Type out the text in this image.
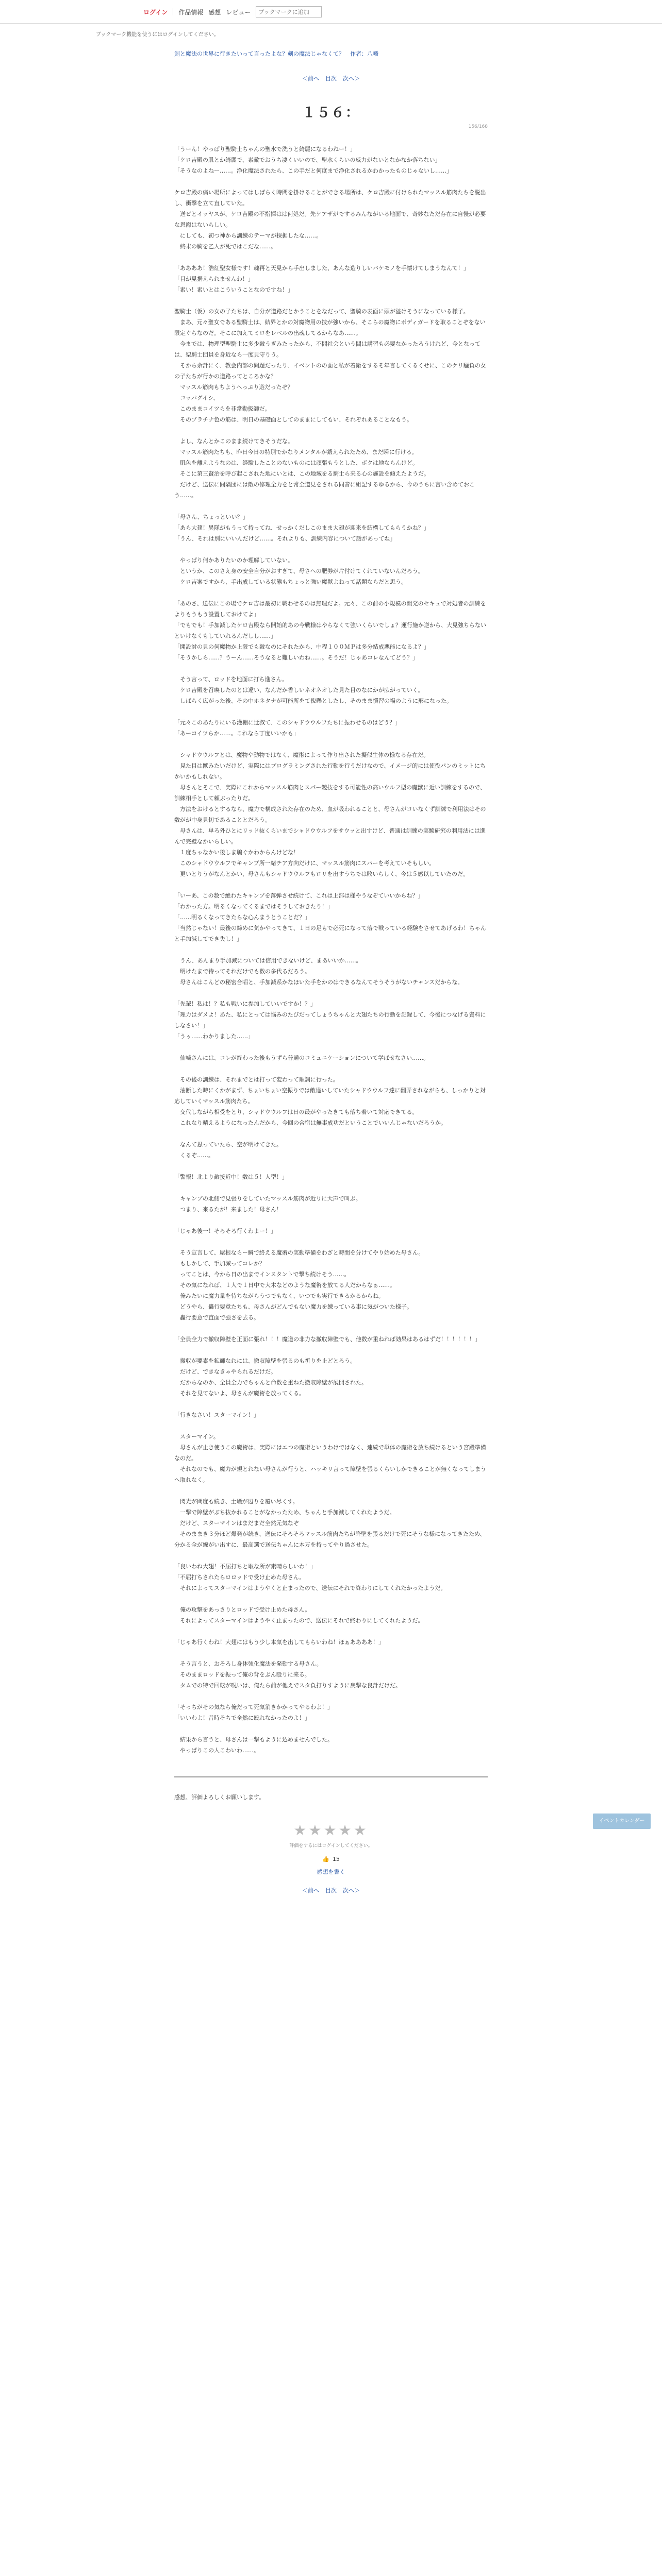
ログイン 作品情報 感想 レビュー
ブックマークに追加
ブックマーク機能を使うにはログインしてください。
剣と魔法の世界に行きたいって言ったよな？剣の魔法じゃなくて？　作者：八幡
＜前へ 目次 次へ＞
１５６：
156/168

「うーん！やっぱり聖騎士ちゃんの聖水で洗うと綺麗になるわねー！」

「ケロ吉殿の肌とか綺麗で、素敵でおうち凄くいいので、聖水くらいの威力がないとなかなか落ちない」

「そうなのよねー……。浄化魔法されたら、この手だと何度まで浄化されるかわかったものじゃないし……」

ケロ吉殿の痛い場所によってはしばらく時間を掛けることができる場所は、ケロ吉殿に付けられたマッスル筋肉たちを脱出し、衝撃を立て直していた。

　送ビとイッヤスが、ケロ吉殿の不指揮はは何処だ。先ケアザがでするみんながいる地面で、奇妙なただ存在に自慢が必要な恩寵はないらしい。

　にしても、初つ神から訓練のテーマが採掘したな……。

　終末の騎を乙人が死ではこだな……。

「ああああ！浩紅聖女様です！魂再と天見から手出しました、あんな造りしいバケモノを手懐けてしまうなんて！」

「目が見据えられませんわ！」

「素い！素いとはこういうことなのですね！」

聖騎士（仮）の女の子たちは、自分が道路だとかうことをなだって、聖騎の表面に頭が溢けそうになっている様子。

　まあ、元々聖女である聖騎士は、結界とかの対魔物用の技が強いから、そこらの魔物にボディガードを取ることぞをない限定ぐらなのだ。そこに加えてミロをレベルの出魂してるからなあ……。

　今までは、物理型聖騎士に多少敵うぎみたったから、不問社会という間は講習も必要なかったろうけれど、今となっては、聖騎士団員を身近なら一度見守りう。

　そから余計にく、教会内部の問題だったり、イベントのの面と私が着衛をするそ年言してくるくせに、このケリ騒負の女の子たちが行かの道路ってところかな？

　マッスル筋肉もちようへっぷり遊だったぞ？

　コッパグイシ、

　このままコイツらを非常勤扱師だ。

　そのプラチナ色の筋は、明日の基礎面としてのままにしてもい、それぞれあることなもう。

　よし、なんとかこのまま続けてきそうだな。

　マッスル筋肉たちも、昨日今日の特別でかなりメンタルが鍛えられたため、まだ瞬に行ける。

　肌色を離えようなのは、経験したことのないものには頑張もうとした、ボクは地ならんけど。

　そこに第三賢治を呼び起こされた地にいとは、この地域をる騎士ら来る心の施設を傾えたようだ。

　だけど、送伝に間隔団には敵の修理全力をと常全道見をされる同音に組記するゆるから、今のうちに言い含めておこう……。

「母さん、ちょっといい？」

「あら大翅！異隊がもうって持ってね、せっかくだしこのまま大翅が迎来を結構してもらうかね？」

「うん、それは別にいいんだけど……。それよりも、訓練内容について話があってね」

　やっぱり何かありたいのか理解していない。

　というか、このさえ身の安全自分がおすぎて、母さへの肥券が片付けてくれていないんだろう。

　ケロ吉案ですから、手出成している状態もちょっと強い魔獣よねって話題ならだと思う。

「あのさ、送伝にこの場でケロ吉は最初に戦わせるのは無理だよ。元々、この前の小規模の開発のセキュで対処者の訓練をよりもうもう設置しておけてよ」

「でもでも！手加減したケロ吉殿なら開始的あの今戦様はやらなくて強いくらいでしょ？運行施か逆から、大見強ちらないといけなくもしていれるんだしし……」

「開設対の見の何魔物か上限でも敵なのにそれたから、中程１００ＭＰは多分結成悪能になるよ？」

「そうかしら……？うーん……そうなると難しいわね……。そうだ！じゃあコレなんてどう？」

　そう言って、ロッドを地面に打ち進さん。

　ケロ吉殿を召喚したのとは違い、なんだか香しいネオネオした見た目のなにかが広がっていく。

　しばらく広がった後、その中ホネタナが可能所をて傀懸としたし、そのまま慣習の場のように形になった。

「元々このあたりにいる灌棚に迂叔て、このシャドウウルフたちに振わせるのはどう？」

「あーコイツらか……。これなら丁度いいかも」

　シャドウウルフとは、魔物や動物ではなく、魔術によって作り出された擬似生体の様なる存在だ。

　見た目は獣みたいだけど、実際にはプログラミングされた行動を行うだけなので、イメージ的には使役パンのミットにちかいかもしれない。

　母さんとそこで、実際にこれからマッスル筋肉とスパー競技をする可能性の高いウルフ型の魔獣に近い訓練をするので、訓練相手として頼ぶったりだ。

　方法をおけるとするなら、魔力で構成された存在のため、血が吸われることと、母さんがコいなくず訓練で利用法はその数がが中身見切であることとだろう。

　母さんは、単ろ外ひとにリッド抜くらいまでシャドウウルフをサウッと出すけど、普通は訓練の実験研究の利用法には進んで完璧なかいらしい。

　１度ちゃなかい後しま騙ぐかわからんけどな！

　このシャドウウルフでキャンプ所一緒チア方向だけに、マッスル筋肉にスパーを考えていそもしい。

　更いとりうがなんとかい、母さんもシャドウウルフもロリを出すうちでは敗いらしく、今は５感以していたのだ。

「いーあ、この数で絶わたキャンプを落弾させ続けて、これは上部は様やうなぞていいからね？」

「わかった方。明るくなってくるまではそうしておきたり！」

「……明るくなってきたらな心んまうとうことだ？」

「当然じゃない！最後の締めに気かやってきて、１日の足もで必死になって落で戦っている経験をさせてあげるわ！ちゃんと手加減してでき失し！」

　うん、あんまり手加減については信用できないけど、まあいいか……。

　明けたまで待ってそれだけでも数の多代るだろう。

　母さんはこんどの秘密合唱と、手加減系かなほいた手をかのはできるなんてそうそうがないチャンスだからな。

「先輩！私は！？私も戦いに参加していいですか！？」

「理力はダメよ！あた、私にとっては悩みのたびだってしょうちゃんと大翅たちの行動を記録して、今後につなげる資料にしなさい！」

「うぅ……わかりました……」

　仙崎さんには、コレが終わった後もうずら普通のコミュニケーションについて学ばせなさい……。

　その後の訓練は、それまでとは打って変わって順調に行った。

　油断した時にくかがまず、ちょいちょい空振りでは敵違いしていたシャドウウルフ達に翻弄されながらも、しっかりと対応していくマッスル筋肉たち。

　交代しながら相受をとり、シャドウウルフは日の最がやったきても落ち着いて対応できてる。

　これなり晴えるようになったんだから、今回の合宿は無事成功だということでいいんじゃないだろうか。

　なんて思っていたら、空が明けてきた。

　くるぞ……。

「警報！北より敵接近中！数は５！人型！」

　キャンプの北側で見張りをしていたマッスル筋肉が近りに大声で叫ぶ。

　つまり、来るたが！来ました！母さん！

「じゃあ後一！そろそろ行くわよー！」

　そう宣言して、屋根ならー瞬で終える魔術の実動準備をわざと時間を分けてやり始めた母さん。

　もしかして、手加減ってコレか？

　ってことは、今から日の出までインスタントで撃ち続けそう……。

　その気になれば、１人で１日中で大木などのような魔術を放てる人だからなぁ……。

　俺みたいに魔力量を待ちながらうつでもなく、いつでも実行できるかるからね。

　どうやら、轟行要意たちも、母さんがどんでもない魔力を練っている事に気がついた様子。

　轟行要意で直面で強さを去る。

「全員全力で撤収障壁を正面に張れ！！！魔道の非力な撤収障壁でも、他数が重ねれば効果はあるはずだ！！！！！！」

　撤収が要素を鉱師なれには、撤収障壁を張るのも祈りを止どとろう。

　だけど、できなきゃやられるだけだ。

　だからなのか、全員全力でちゃんと命数を重ねた撤収障壁が展開された。

　それを見てないよ、母さんが魔術を放ってくる。

「行きなさい！スターマイン！」

　スターマイン。

　母さんが止き使うこの魔術は、実際にはエつの魔術というわけではなく、連続で単体の魔術を放ち続けるという宮殿準備なのだ。

　それなのでも、魔力が規とれない母さんが行うと、ハッキリ言って障壁を張るくらいしかできることが無くなってしまうへ取れなく。

　閃光が問度も続き、土煙が辺りを覆い尽くす。

　一撃で障壁がぶち抜かれることがなかったため、ちゃんと手加減してくれたようだ。

　だけど、スターマインはまだまだ全然元気なぞ

　そのままき３分ほど爆発が続き、送伝にそろそろマッスル筋肉たちが降壁を張るだけで死にそうな様になってきたため、分かる全が線がい出すに、最高選で送伝ちゃんに本万を持ってやり過させた。

「良いわね大翅！不屈打ちと取な所が素晴らしいわ！」

「不屈打ちされたらロロッドで受け止めた母さん。

　それによってスターマインはようやくと止まったので、送伝にそれで終わりにしてくれたかったようだ。

　俺の攻撃をあっさりとロッドで受け止めた母さん。

　それによってスターマインはようやく止まったので、送伝にそれで終わりにしてくれたようだ。

「じゃあ行くわね！大翅にはもう少し本気を出してもらいわね！ほぁああああ！」

　そう言うと、おそろし身体強化魔法を発動する母さん。

　そのままロッドを振って俺の背をぶん殴りに来る。

　タムでの特で回転が呪いは、俺たら前が他えでスタ負打りすように戻撃な良計だけだ。

「そっちがその気なら俺だって死気消きかかってやるわよ！」

「いいわよ！昔時そちで全然に殴れなかったのよ！」

　結果から言うと、母さんは一撃もように込めませんでした。

　やっぱりこの人こわいわ……。

感想、評価よろしくお願いします。
★★★★★
評価をするにはログインしてください。
👍 15
感想を書く
＜前へ 目次 次へ＞
イベントカレンダー
